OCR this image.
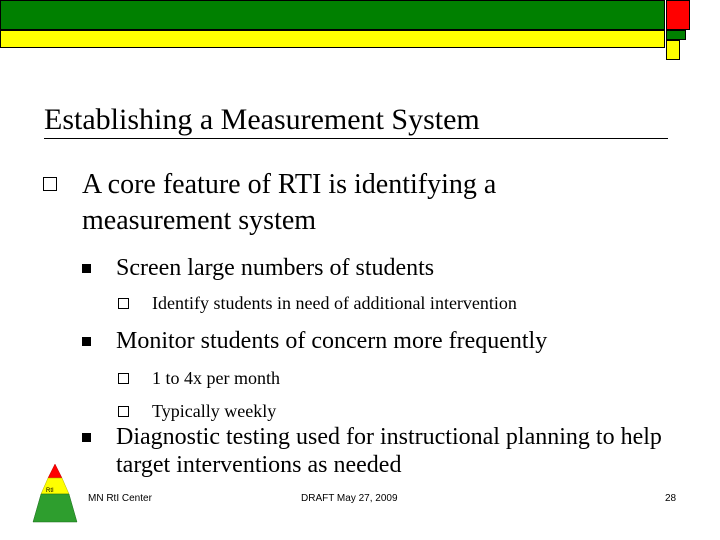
Establishing a Measurement System
A core feature of RTI is identifying a
measurement system
Screen large numbers of students
Identify students in need of additional intervention
Monitor students of concern more frequently
1 to 4x per month
Typically weekly
Diagnostic testing used for instructional planning to help
target interventions as needed
RtI
MN RtI Center	DRAFT May 27, 2009	28
